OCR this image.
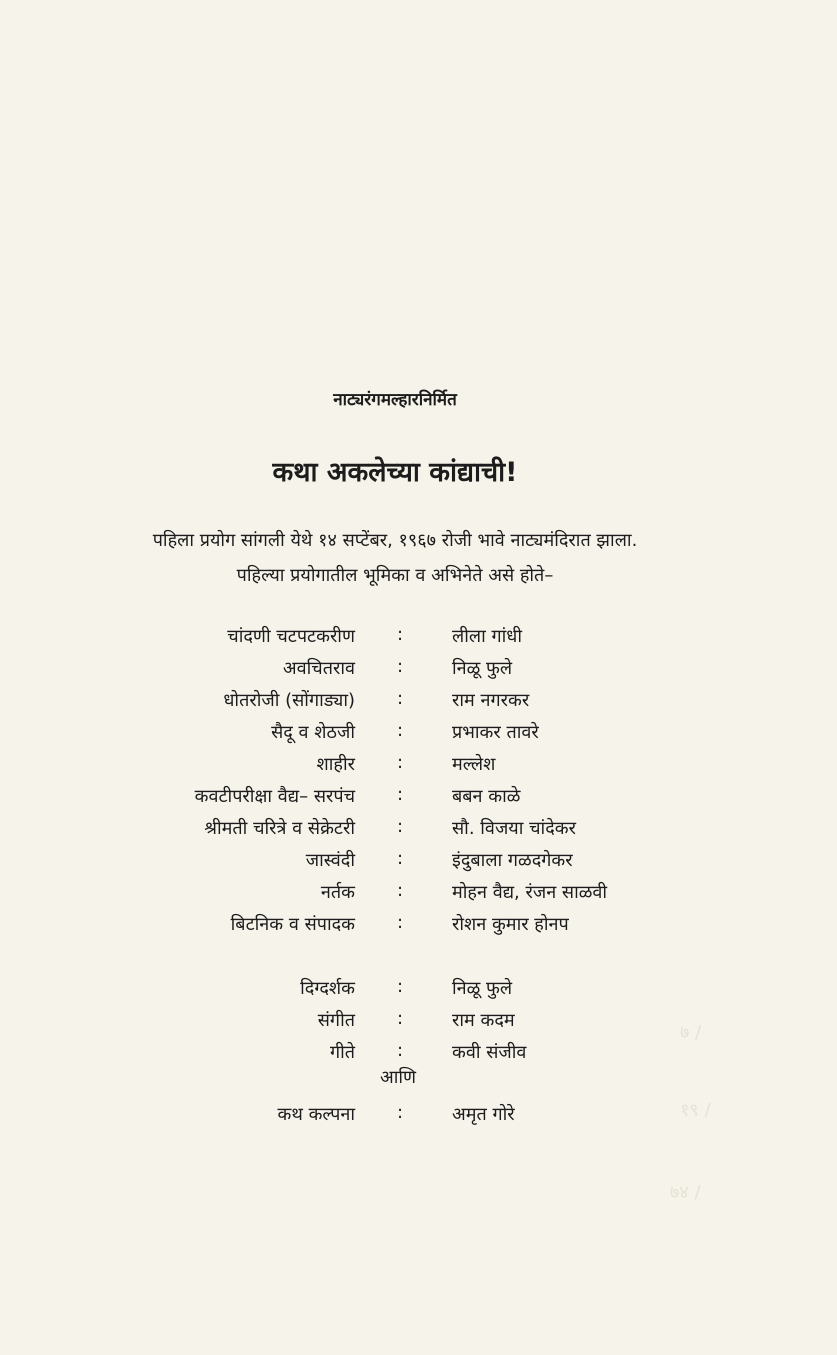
नाट्यरंगमल्हारनिर्मित
कथा अकलेच्या कांद्याची!
पहिला प्रयोग सांगली येथे १४ सप्टेंबर, १९६७ रोजी भावे नाट्यमंदिरात झाला.
पहिल्या प्रयोगातील भूमिका व अभिनेते असे होते–
चांदणी चटपटकरीण :	लीला गांधी
अवचितराव :	निळू फुले
धोतरोजी (सोंगाड्या) :	राम नगरकर
सैदू व शेठजी :	प्रभाकर तावरे
शाहीर :	मल्लेश
कवटीपरीक्षा वैद्य– सरपंच :	बबन काळे
श्रीमती चरित्रे व सेक्रेटरी :	सौ. विजया चांदेकर
जास्वंदी :	इंदुबाला गळदगेकर
नर्तक :	मोहन वैद्य, रंजन साळवी
बिटनिक व संपादक :	रोशन कुमार होनप
दिग्दर्शक :	निळू फुले
संगीत :	राम कदम
गीते :	कवी संजीव
आणि
कथ कल्पना :	अमृत गोरे
७ /
१९ /
७४ /
